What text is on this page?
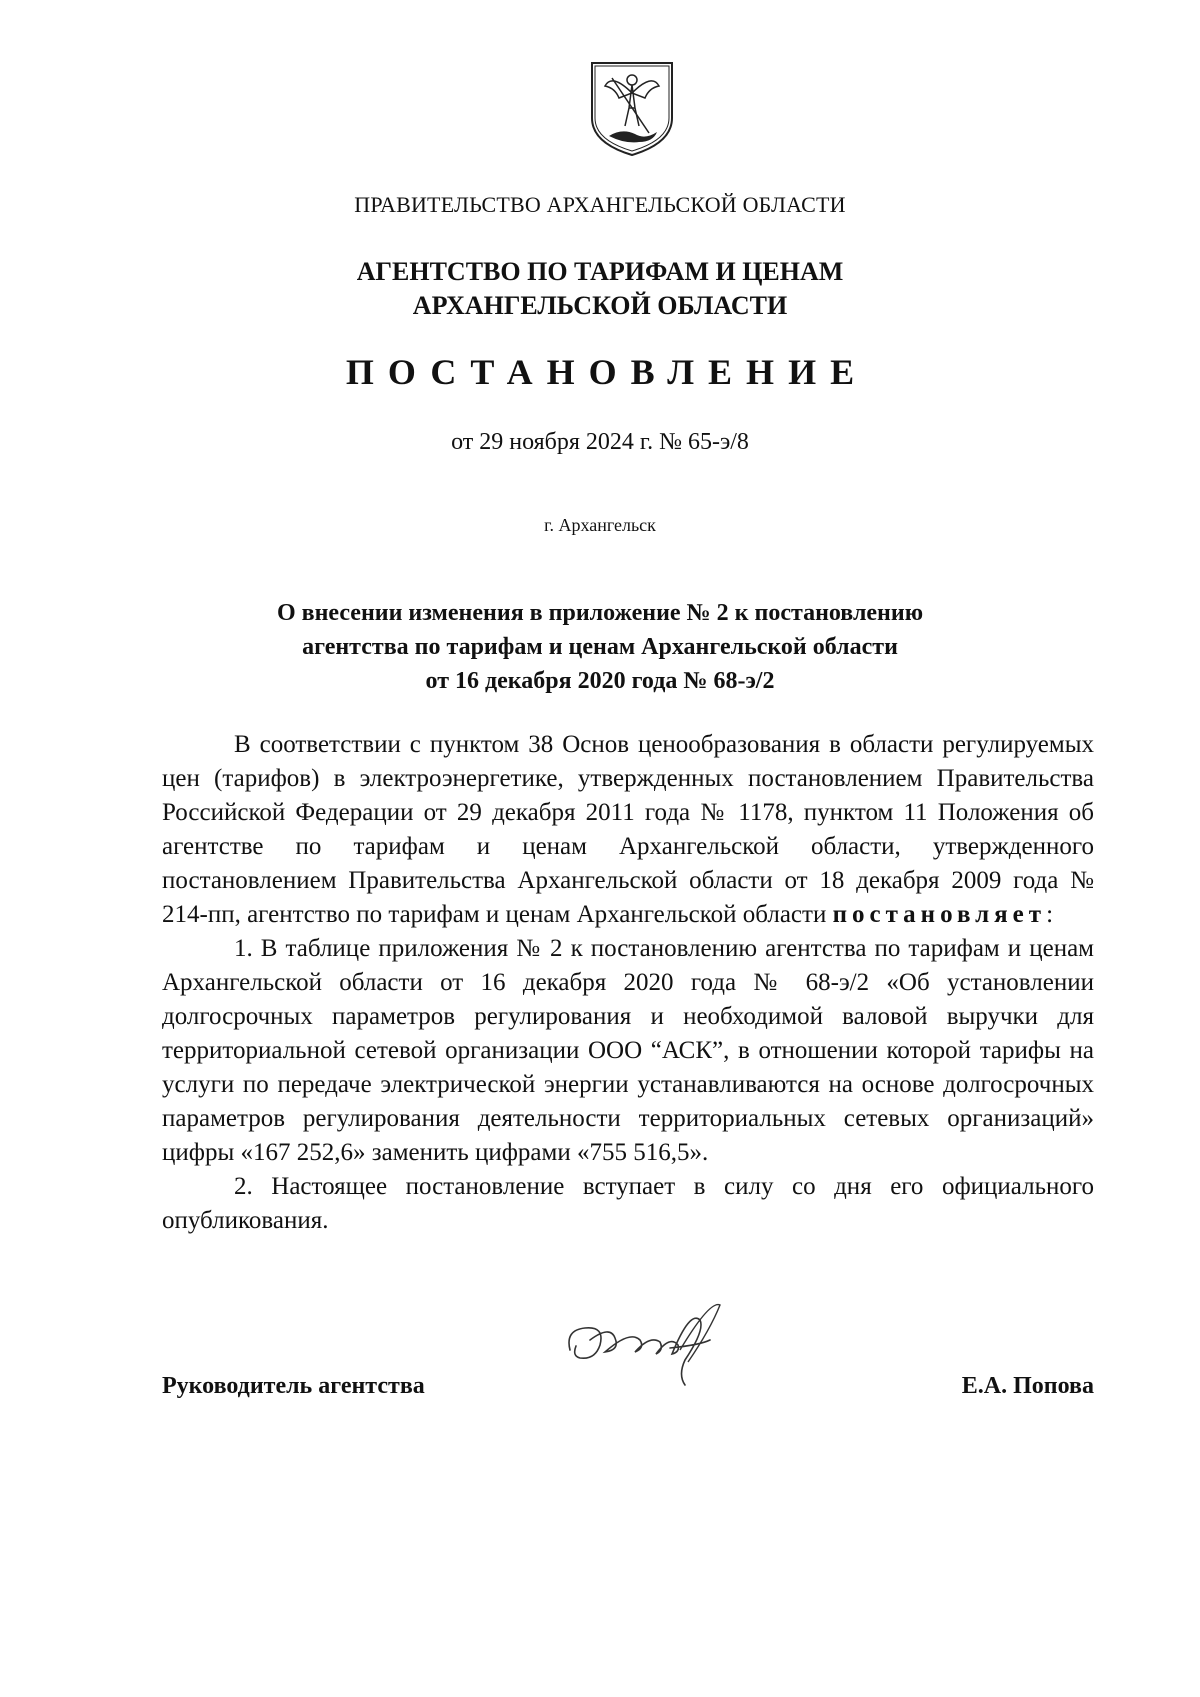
ПРАВИТЕЛЬСТВО АРХАНГЕЛЬСКОЙ ОБЛАСТИ
АГЕНТСТВО ПО ТАРИФАМ И ЦЕНАМ
АРХАНГЕЛЬСКОЙ ОБЛАСТИ
ПОСТАНОВЛЕНИЕ
от 29 ноября 2024 г. № 65-э/8
г. Архангельск
О внесении изменения в приложение № 2 к постановлению
агентства по тарифам и ценам Архангельской области
от 16 декабря 2020 года № 68-э/2

В соответствии с пунктом 38 Основ ценообразования в области регулируемых цен (тарифов) в электроэнергетике, утвержденных постановлением Правительства Российской Федерации от 29 декабря 2011 года № 1178, пунктом 11 Положения об агентстве по тарифам и ценам Архангельской области, утвержденного постановлением Правительства Архангельской области от 18 декабря 2009 года № 214-пп, агентство по тарифам и ценам Архангельской области постановляет:

1. В таблице приложения № 2 к постановлению агентства по тарифам и ценам Архангельской области от 16 декабря 2020 года № 68-э/2 «Об установлении долгосрочных параметров регулирования и необходимой валовой выручки для территориальной сетевой организации ООО “АСК”, в отношении которой тарифы на услуги по передаче электрической энергии устанавливаются на основе долгосрочных параметров регулирования деятельности территориальных сетевых организаций» цифры «167 252,6» заменить цифрами «755 516,5».

2. Настоящее постановление вступает в силу со дня его официального опубликования.

Руководитель агентства	Е.А. Попова
